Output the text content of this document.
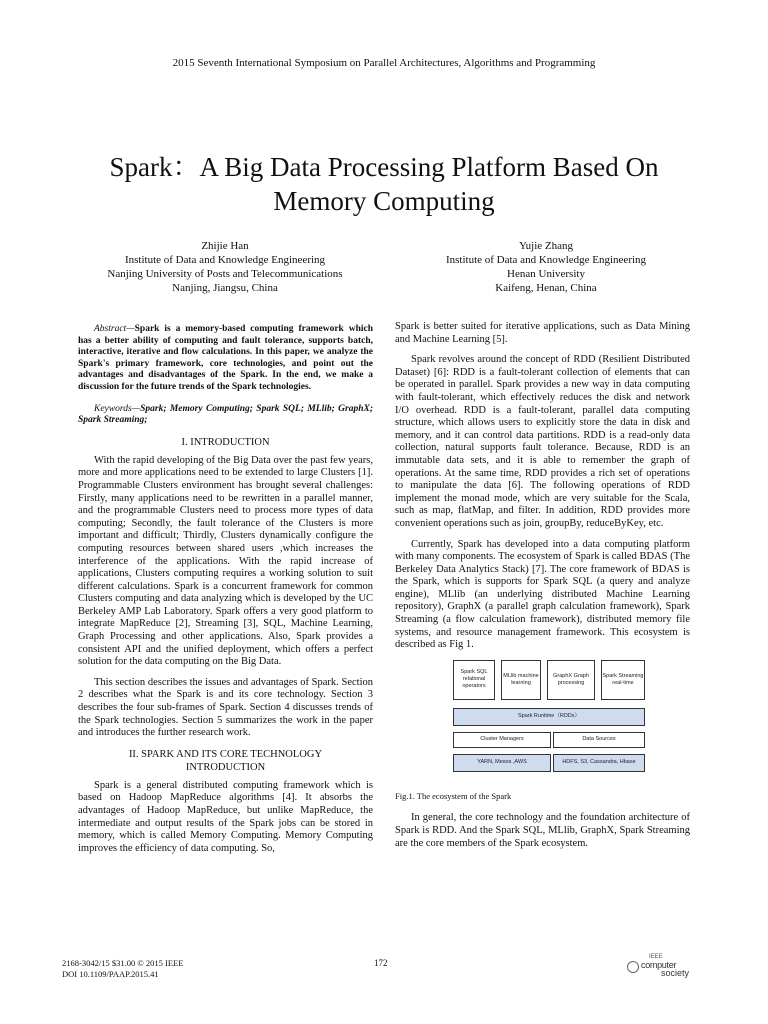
2015 Seventh International Symposium on Parallel Architectures, Algorithms and Programming
Spark：A Big Data Processing Platform Based On
Memory Computing
Zhijie Han
Institute of Data and Knowledge Engineering
Nanjing University of Posts and Telecommunications
Nanjing, Jiangsu, China
Yujie Zhang
Institute of Data and Knowledge Engineering
Henan University
Kaifeng, Henan, China
Abstract—Spark is a memory-based computing framework which has a better ability of computing and fault tolerance, supports batch, interactive, iterative and flow calculations. In this paper, we analyze the Spark's primary framework, core technologies, and point out the advantages and disadvantages of the Spark. In the end, we make a discussion for the future trends of the Spark technologies.
Keywords—Spark; Memory Computing; Spark SQL; MLlib; GraphX; Spark Streaming;
I. INTRODUCTION

With the rapid developing of the Big Data over the past few years, more and more applications need to be extended to large Clusters [1]. Programmable Clusters environment has brought several challenges: Firstly, many applications need to be rewritten in a parallel manner, and the programmable Clusters need to process more types of data computing; Secondly, the fault tolerance of the Clusters is more important and difficult; Thirdly, Clusters dynamically configure the computing resources between shared users ,which increases the interference of the applications. With the rapid increase of applications, Clusters computing requires a working solution to suit different calculations. Spark is a concurrent framework for common Clusters computing and data analyzing which is developed by the UC Berkeley AMP Lab Laboratory. Spark offers a very good platform to integrate MapReduce [2], Streaming [3], SQL, Machine Learning, Graph Processing and other applications. Also, Spark provides a consistent API and the unified deployment, which offers a perfect solution for the data computing on the Big Data.

This section describes the issues and advantages of Spark. Section 2 describes what the Spark is and its core technology. Section 3 describes the four sub-frames of Spark. Section 4 discusses trends of the Spark technologies. Section 5 summarizes the work in the paper and introduces the further research work.

II. SPARK AND ITS CORE TECHNOLOGY
INTRODUCTION

Spark is a general distributed computing framework which is based on Hadoop MapReduce algorithms [4]. It absorbs the advantages of Hadoop MapReduce, but unlike MapReduce, the intermediate and output results of the Spark jobs can be stored in memory, which is called Memory Computing. Memory Computing improves the efficiency of data computing. So,

Spark is better suited for iterative applications, such as Data Mining and Machine Learning [5].

Spark revolves around the concept of RDD (Resilient Distributed Dataset) [6]: RDD is a fault-tolerant collection of elements that can be operated in parallel. Spark provides a new way in data computing with fault-tolerant, which effectively reduces the disk and network I/O overhead. RDD is a fault-tolerant, parallel data computing structure, which allows users to explicitly store the data in disk and memory, and it can control data partitions. RDD is a read-only data collection, natural supports fault tolerance. Because, RDD is an immutable data sets, and it is able to remember the graph of operations. At the same time, RDD provides a rich set of operations to manipulate the data [6]. The following operations of RDD implement the monad mode, which are very suitable for the Scala, such as map, flatMap, and filter. In addition, RDD provides more convenient operations such as join, groupBy, reduceByKey, etc.

Currently, Spark has developed into a data computing platform with many components. The ecosystem of Spark is called BDAS (The Berkeley Data Analytics Stack) [7]. The core framework of BDAS is the Spark, which is supports for Spark SQL (a query and analyze engine), MLlib (an underlying distributed Machine Learning repository), GraphX (a parallel graph calculation framework), Spark Streaming (a flow calculation framework), distributed memory file systems, and resource management framework. This ecosystem is described as Fig 1.

Spark SQL relational operators
MLlib machine learning
GraphX Graph processing
Spark Streaming real-time
Spark Runtime（RDDs）
Cluster Managers	Data Sources
YARN, Mesos ,AWS	HDFS, S3, Cassandra, Hbase
Fig.1. The ecosystem of the Spark

In general, the core technology and the foundation architecture of Spark is RDD. And the Spark SQL, MLlib, GraphX, Spark Streaming are the core members of the Spark ecosystem.

2168-3042/15 $31.00 © 2015 IEEE
DOI 10.1109/PAAP.2015.41
172
IEEE
computer
society
